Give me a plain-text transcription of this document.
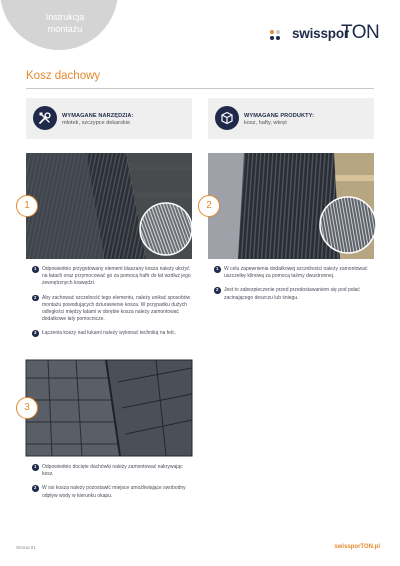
Instrukcja
montażu	swisspor
TON
Kosz dachowy
WYMAGANE NARZĘDZIA:
młotek, szczypce dekarskie
WYMAGANE PRODUKTY:
kosz, hafty, wkręt
1	2
1	Odpowiednio przygotowany element blaszany kosza należy ułożyć na łatach oraz przymocować go za pomocą haftr do łat wzdłuż jego zewnętrznych krawędzi.
2	Aby zachować szczelność tego elementu, należy unikać sposobów montażu powodujących dziurawienie kosza. W przypadku dużych odległości między łatami w obrębie kosza należy zamontować dodatkowe łaty pomocnicze.
3	Łączenia koszy nad łukami należy wykonać techniką na felc.
1	W celu zapewnienia dodatkowej szczelności należy zamontować uszczelkę klinową za pomocą taśmy dwustronnej.
2	Jest to zabezpieczenie przed przedostawaniem się pod połać zacinającego deszczu lub śniegu.
3
1	Odpowiednio docięte dachówki należy zamontować nakrywając kosz.
2	W osi kosza należy pozostawić miejsce umożliwiające swobodny odpływ wody w kierunku okapu.
Strona 01	swissporTON.pl
